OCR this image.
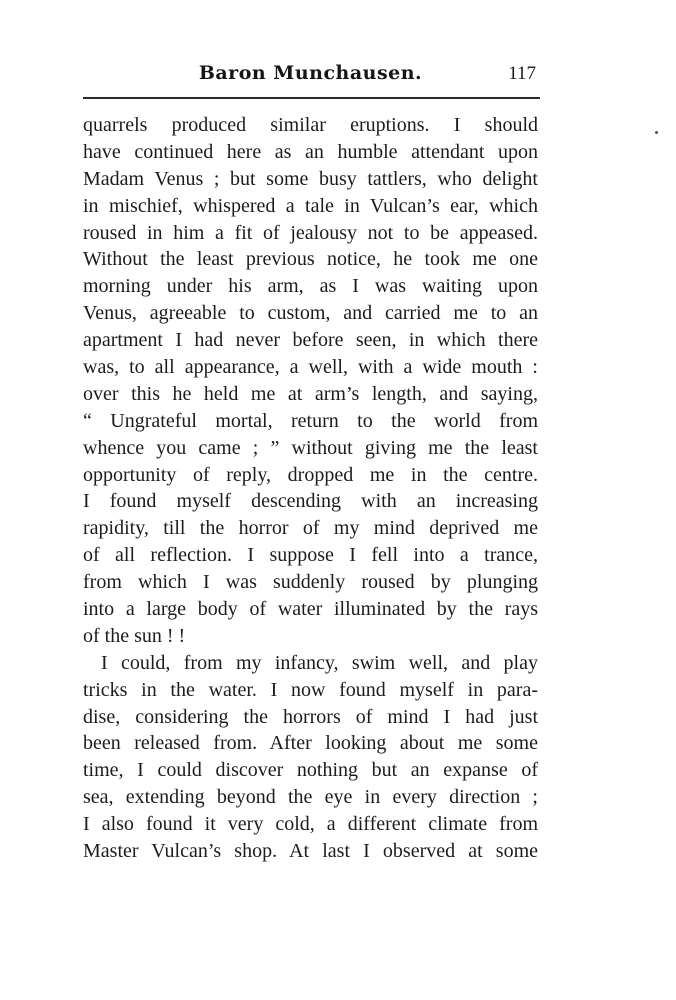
Baron Munchausen.	117
quarrels produced similar eruptions. I should
have continued here as an humble attendant upon
Madam Venus ; but some busy tattlers, who delight
in mischief, whispered a tale in Vulcan’s ear, which
roused in him a fit of jealousy not to be appeased.
Without the least previous notice, he took me one
morning under his arm, as I was waiting upon
Venus, agreeable to custom, and carried me to an
apartment I had never before seen, in which there
was, to all appearance, a well, with a wide mouth :
over this he held me at arm’s length, and saying,
“ Ungrateful mortal, return to the world from
whence you came ; ” without giving me the least
opportunity of reply, dropped me in the centre.
I found myself descending with an increasing
rapidity, till the horror of my mind deprived me
of all reflection. I suppose I fell into a trance,
from which I was suddenly roused by plunging
into a large body of water illuminated by the rays
of the sun ! !
I could, from my infancy, swim well, and play
tricks in the water. I now found myself in para-
dise, considering the horrors of mind I had just
been released from. After looking about me some
time, I could discover nothing but an expanse of
sea, extending beyond the eye in every direction ;
I also found it very cold, a different climate from
Master Vulcan’s shop. At last I observed at some
